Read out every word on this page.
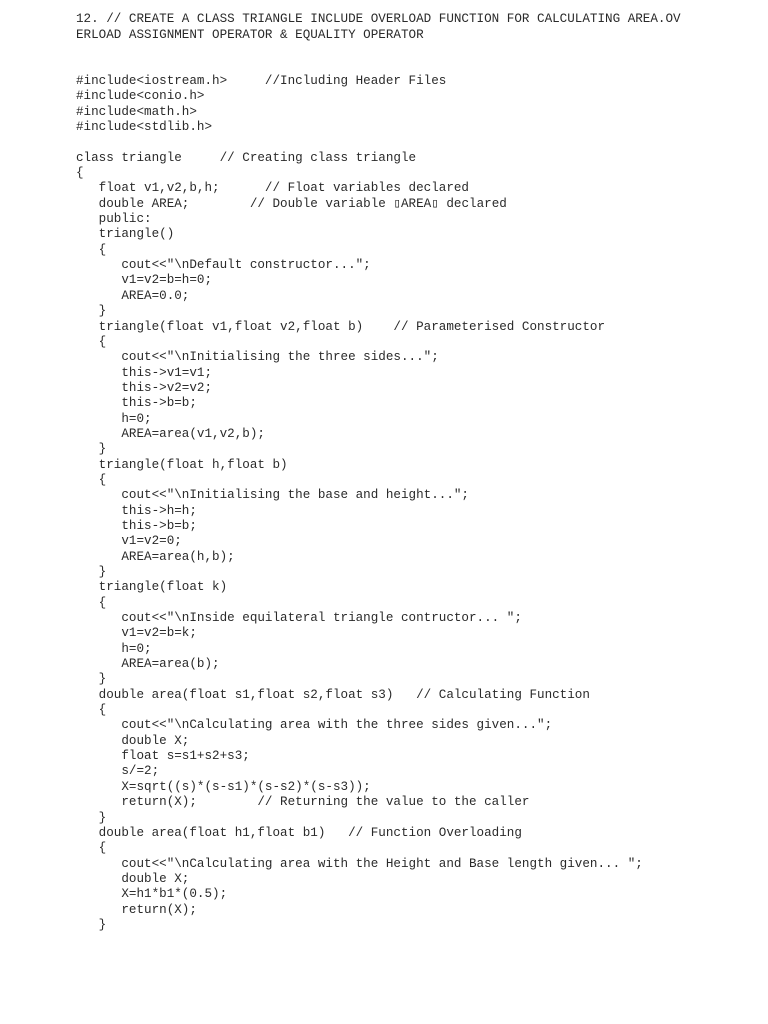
12. // CREATE A CLASS TRIANGLE INCLUDE OVERLOAD FUNCTION FOR CALCULATING AREA.OV
ERLOAD ASSIGNMENT OPERATOR & EQUALITY OPERATOR
#include<iostream.h>     //Including Header Files
#include<conio.h>
#include<math.h>
#include<stdlib.h>
class triangle     // Creating class triangle
{
float v1,v2,b,h;      // Float variables declared
double AREA;        // Double variable ▯AREA▯ declared
public:
triangle()
{
cout<<"\nDefault constructor...";
v1=v2=b=h=0;
AREA=0.0;
}
triangle(float v1,float v2,float b)    // Parameterised Constructor
{
cout<<"\nInitialising the three sides...";
this->v1=v1;
this->v2=v2;
this->b=b;
h=0;
AREA=area(v1,v2,b);
}
triangle(float h,float b)
{
cout<<"\nInitialising the base and height...";
this->h=h;
this->b=b;
v1=v2=0;
AREA=area(h,b);
}
triangle(float k)
{
cout<<"\nInside equilateral triangle contructor... ";
v1=v2=b=k;
h=0;
AREA=area(b);
}
double area(float s1,float s2,float s3)   // Calculating Function
{
cout<<"\nCalculating area with the three sides given...";
double X;
float s=s1+s2+s3;
s/=2;
X=sqrt((s)*(s-s1)*(s-s2)*(s-s3));
return(X);        // Returning the value to the caller
}
double area(float h1,float b1)   // Function Overloading
{
cout<<"\nCalculating area with the Height and Base length given... ";
double X;
X=h1*b1*(0.5);
return(X);
}
